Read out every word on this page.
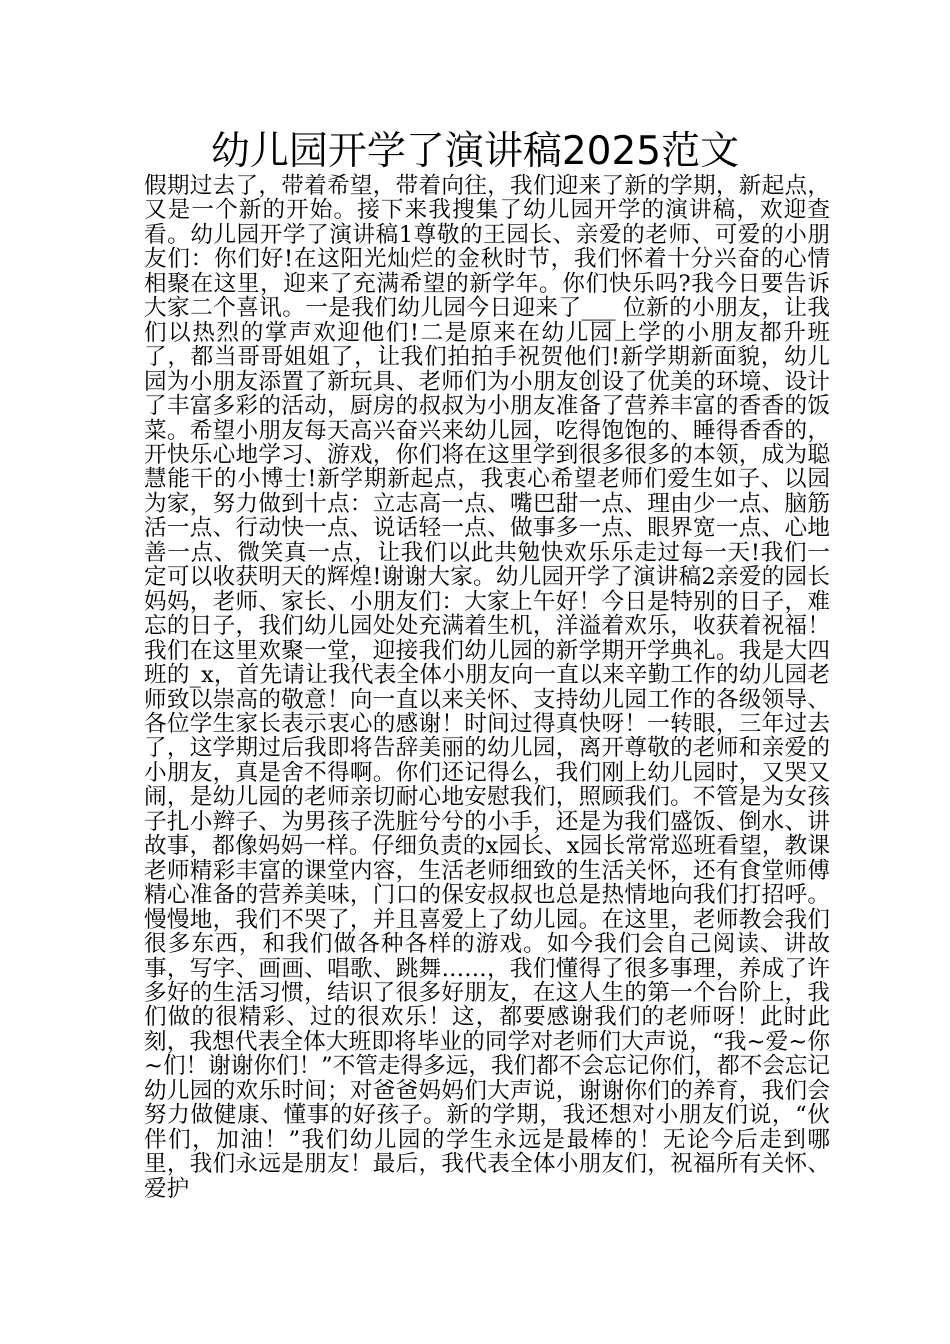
幼儿园开学了演讲稿2025范文

假期过去了，带着希望，带着向往，我们迎来了新的学期，新起点，又是一个新的开始。接下来我搜集了幼儿园开学的演讲稿，欢迎查看。幼儿园开学了演讲稿1尊敬的王园长、亲爱的老师、可爱的小朋友们：你们好!在这阳光灿烂的金秋时节，我们怀着十分兴奋的心情相聚在这里，迎来了充满希望的新学年。你们快乐吗?我今日要告诉大家二个喜讯。一是我们幼儿园今日迎来了___ 位新的小朋友，让我们以热烈的掌声欢迎他们!二是原来在幼儿园上学的小朋友都升班了，都当哥哥姐姐了，让我们拍拍手祝贺他们!新学期新面貌，幼儿园为小朋友添置了新玩具、老师们为小朋友创设了优美的环境、设计了丰富多彩的活动，厨房的叔叔为小朋友准备了营养丰富的香香的饭菜。希望小朋友每天高兴奋兴来幼儿园，吃得饱饱的、睡得香香的，开快乐心地学习、游戏，你们将在这里学到很多很多的本领，成为聪慧能干的小博士!新学期新起点，我衷心希望老师们爱生如子、以园为家，努力做到十点：立志高一点、嘴巴甜一点、理由少一点、脑筋活一点、行动快一点、说话轻一点、做事多一点、眼界宽一点、心地善一点、微笑真一点，让我们以此共勉快欢乐乐走过每一天!我们一定可以收获明天的辉煌!谢谢大家。幼儿园开学了演讲稿2亲爱的园长妈妈，老师、家长、小朋友们：大家上午好！今日是特别的日子，难忘的日子，我们幼儿园处处充满着生机，洋溢着欢乐，收获着祝福！我们在这里欢聚一堂，迎接我们幼儿园的新学期开学典礼。我是大四班的_x，首先请让我代表全体小朋友向一直以来辛勤工作的幼儿园老师致以崇高的敬意！向一直以来关怀、支持幼儿园工作的各级领导、各位学生家长表示衷心的感谢！时间过得真快呀！一转眼，三年过去了，这学期过后我即将告辞美丽的幼儿园，离开尊敬的老师和亲爱的小朋友，真是舍不得啊。你们还记得么，我们刚上幼儿园时，又哭又闹，是幼儿园的老师亲切耐心地安慰我们，照顾我们。不管是为女孩子扎小辫子、为男孩子洗脏兮兮的小手，还是为我们盛饭、倒水、讲故事，都像妈妈一样。仔细负责的x园长、x园长常常巡班看望，教课老师精彩丰富的课堂内容，生活老师细致的生活关怀，还有食堂师傅精心准备的营养美味，门口的保安叔叔也总是热情地向我们打招呼。慢慢地，我们不哭了，并且喜爱上了幼儿园。在这里，老师教会我们很多东西，和我们做各种各样的游戏。如今我们会自己阅读、讲故事，写字、画画、唱歌、跳舞……，我们懂得了很多事理，养成了许多好的生活习惯，结识了很多好朋友，在这人生的第一个台阶上，我们做的很精彩、过的很欢乐！这，都要感谢我们的老师呀！此时此刻，我想代表全体大班即将毕业的同学对老师们大声说，“我~爱~你~们！谢谢你们！”不管走得多远，我们都不会忘记你们，都不会忘记幼儿园的欢乐时间；对爸爸妈妈们大声说，谢谢你们的养育，我们会努力做健康、懂事的好孩子。新的学期，我还想对小朋友们说，“伙伴们，加油！”我们幼儿园的学生永远是最棒的！无论今后走到哪里，我们永远是朋友！最后，我代表全体小朋友们，祝福所有关怀、爱护
